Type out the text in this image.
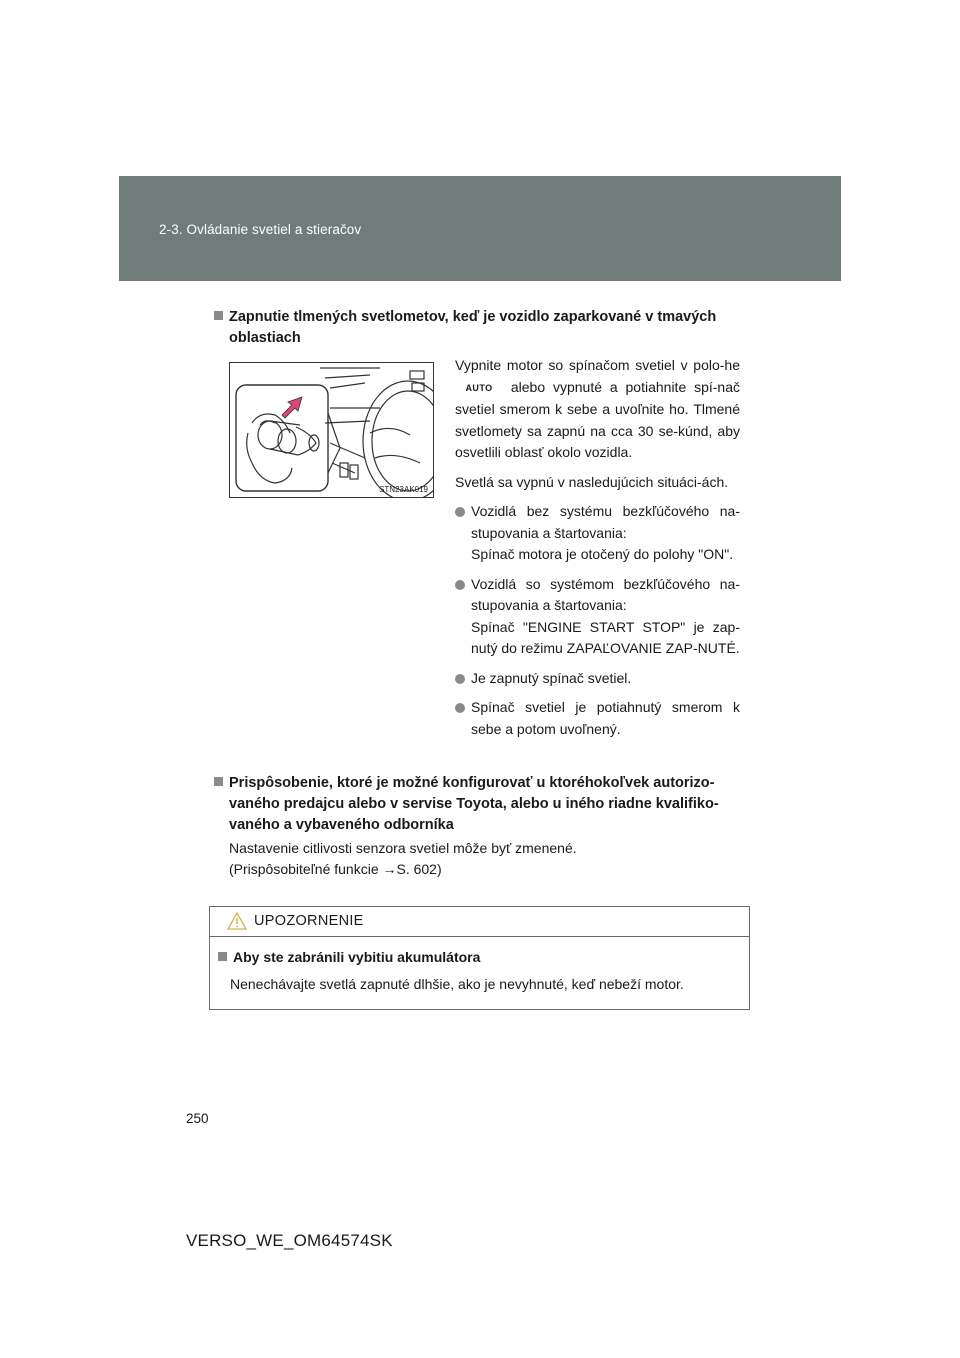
2-3. Ovládanie svetiel a stieračov
Zapnutie tlmených svetlometov, keď je vozidlo zaparkované v tmavých oblastiach
STN23AK019

Vypnite motor so spínačom svetiel v polo-he AUTO alebo vypnuté a potiahnite spí-nač svetiel smerom k sebe a uvoľnite ho. Tlmené svetlomety sa zapnú na cca 30 se-kúnd, aby osvetlili oblasť okolo vozidla.

Svetlá sa vypnú v nasledujúcich situáci-ách.

Vozidlá bez systému bezkľúčového na-stupovania a štartovania:
Spínač motora je otočený do polohy "ON".
Vozidlá so systémom bezkľúčového na-stupovania a štartovania:
Spínač "ENGINE START STOP" je zap-nutý do režimu ZAPAĽOVANIE ZAP-NUTÉ.
Je zapnutý spínač svetiel.
Spínač svetiel je potiahnutý smerom k sebe a potom uvoľnený.
Prispôsobenie, ktoré je možné konfigurovať u ktoréhokoľvek autorizo-vaného predajcu alebo v servise Toyota, alebo u iného riadne kvalifiko-vaného a vybaveného odborníka
Nastavenie citlivosti senzora svetiel môže byť zmenené.
(Prispôsobiteľné funkcie →S. 602)
UPOZORNENIE
Aby ste zabránili vybitiu akumulátora
Nenechávajte svetlá zapnuté dlhšie, ako je nevyhnuté, keď nebeží motor.
250
VERSO_WE_OM64574SK
